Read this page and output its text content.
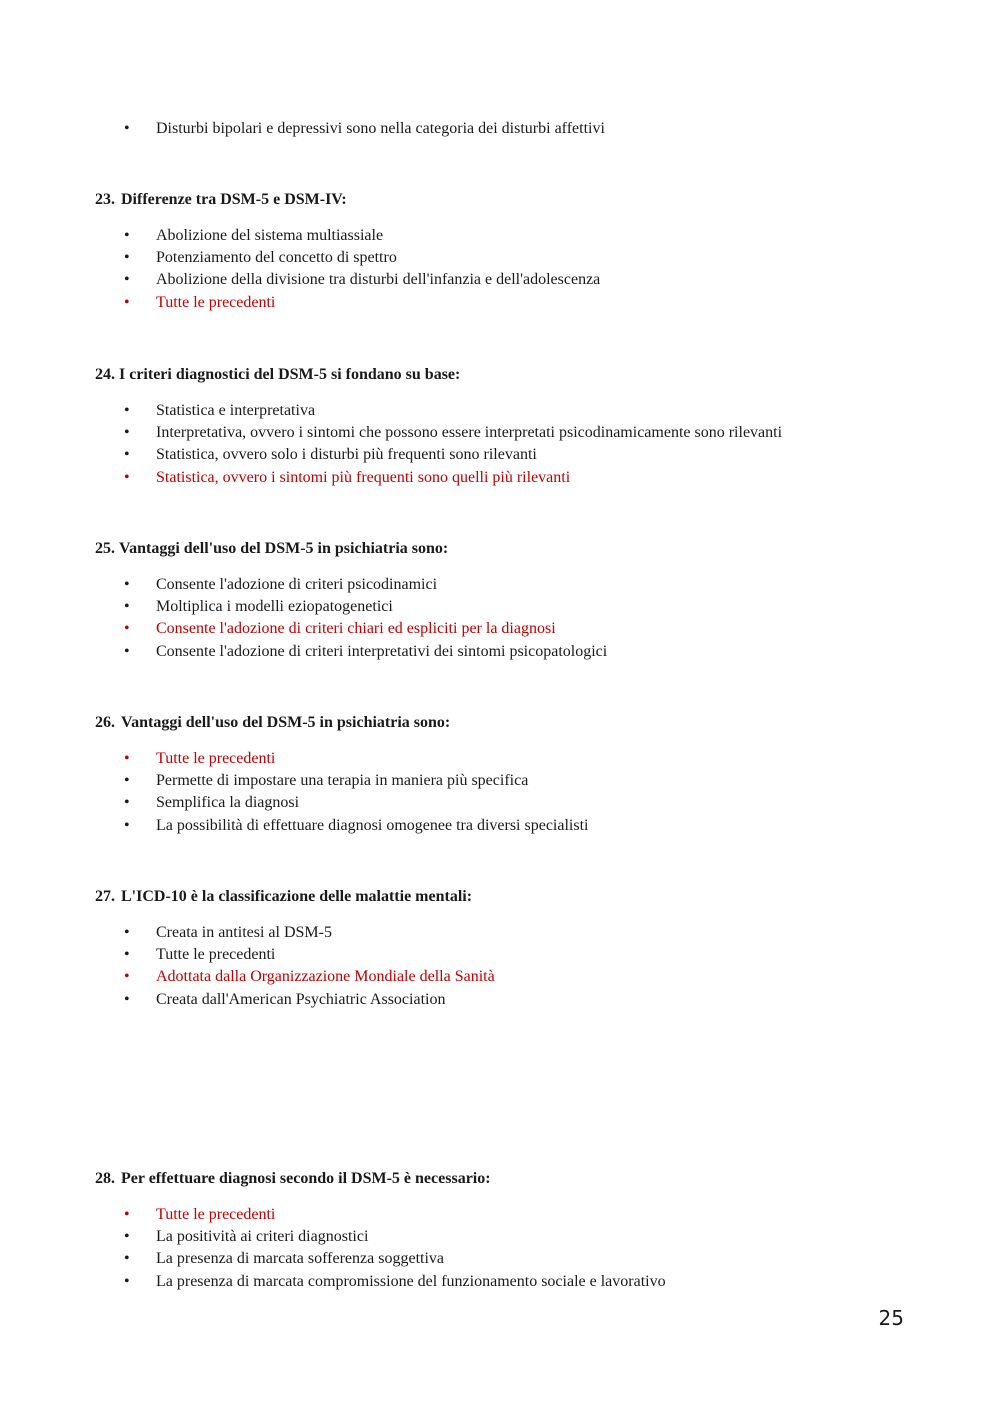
• Disturbi bipolari e depressivi sono nella categoria dei disturbi affettivi
23. Differenze tra DSM-5 e DSM-IV:
• Abolizione del sistema multiassiale
• Potenziamento del concetto di spettro
• Abolizione della divisione tra disturbi dell'infanzia e dell'adolescenza
• Tutte le precedenti
24. I criteri diagnostici del DSM-5 si fondano su base:
• Statistica e interpretativa
• Interpretativa, ovvero i sintomi che possono essere interpretati psicodinamicamente sono rilevanti
• Statistica, ovvero solo i disturbi più frequenti sono rilevanti
• Statistica, ovvero i sintomi più frequenti sono quelli più rilevanti
25. Vantaggi dell'uso del DSM-5 in psichiatria sono:
• Consente l'adozione di criteri psicodinamici
• Moltiplica i modelli eziopatogenetici
• Consente l'adozione di criteri chiari ed espliciti per la diagnosi
• Consente l'adozione di criteri interpretativi dei sintomi psicopatologici
26. Vantaggi dell'uso del DSM-5 in psichiatria sono:
• Tutte le precedenti
• Permette di impostare una terapia in maniera più specifica
• Semplifica la diagnosi
• La possibilità di effettuare diagnosi omogenee tra diversi specialisti
27. L'ICD-10 è la classificazione delle malattie mentali:
• Creata in antitesi al DSM-5
• Tutte le precedenti
• Adottata dalla Organizzazione Mondiale della Sanità
• Creata dall'American Psychiatric Association
28. Per effettuare diagnosi secondo il DSM-5 è necessario:
• Tutte le precedenti
• La positività ai criteri diagnostici
• La presenza di marcata sofferenza soggettiva
• La presenza di marcata compromissione del funzionamento sociale e lavorativo
25
